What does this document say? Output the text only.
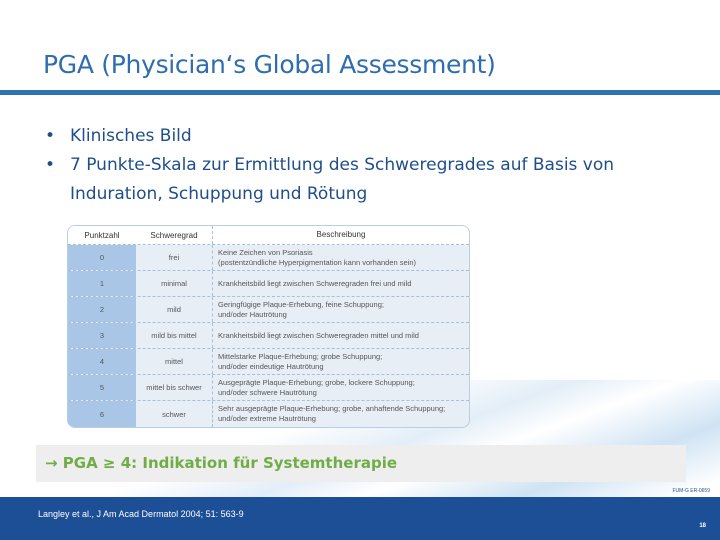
PGA (Physician‘s Global Assessment)
• Klinisches Bild
• 7 Punkte-Skala zur Ermittlung des Schweregrades auf Basis von Induration, Schuppung und Rötung
Punktzahl	Schweregrad	Beschreibung
0	frei
Keine Zeichen von Psoriasis
(postentzündliche Hyperpigmentation kann vorhanden sein)
1	minimal	Krankheitsbild liegt zwischen Schweregraden frei und mild
2	mild
Geringfügige Plaque-Erhebung, feine Schuppung;
und/oder Hautrötung
3	mild bis mittel	Krankheitsbild liegt zwischen Schweregraden mittel und mild
4	mittel
Mittelstarke Plaque-Erhebung; grobe Schuppung;
und/oder eindeutige Hautrötung
5	mittel bis schwer
Ausgeprägte Plaque-Erhebung; grobe, lockere Schuppung;
und/oder schwere Hautrötung
6	schwer
Sehr ausgeprägte Plaque-Erhebung; grobe, anhaftende Schuppung;
und/oder extreme Hautrötung
→ PGA ≥ 4: Indikation für Systemtherapie
FUM-G ER-0659
Langley et al., J Am Acad Dermatol 2004; 51: 563-9
18
